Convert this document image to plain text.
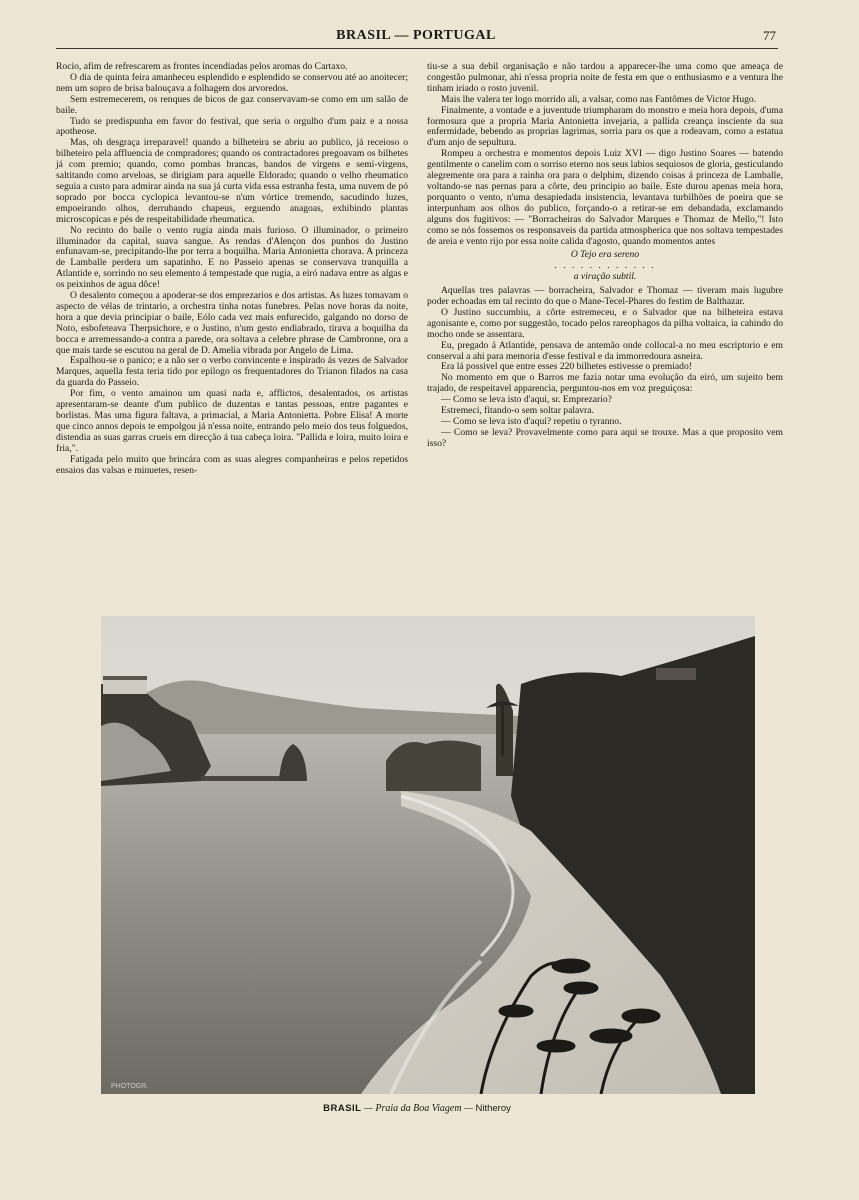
BRASIL — PORTUGAL	77

Rocio, afim de refrescarem as frontes incendiadas pelos aromas do Cartaxo.

O dia de quinta feira amanheceu esplendido e esplendido se conservou até ao anoitecer; nem um sopro de brisa balouçava a folhagem dos arvoredos.

Sem estremecerem, os renques de bicos de gaz conservavam-se como em um salão de baile.

Tudo se predispunha em favor do festival, que seria o orgulho d'um paiz e a nossa apotheose.

Mas, oh desgraça irreparavel! quando a bilheteira se abriu ao publico, já receioso o bilheteiro pela affluencia de compradores; quando os contractadores pregoavam os bilhetes já com premio; quando, como pombas brancas, bandos de virgens e semi-virgens, saltitando como arveloas, se dirigiam para aquelle Eldorado; quando o velho rheumatico seguia a custo para admirar ainda na sua já curta vida essa estranha festa, uma nuvem de pó soprado por bocca cyclopica levantou-se n'um vórtice tremendo, sacudindo luzes, empoeirando olhos, derrubando chapeus, erguendo anagoas, exhibindo plantas microscopicas e pés de respeitabilidade rheumatica.

No recinto do baile o vento rugia ainda mais furioso. O illuminador, o primeiro illuminador da capital, suava sangue. As rendas d'Alençon dos punhos do Justino enfunavam-se, precipitando-lhe por terra a boquilha. Maria Antonietta chorava. A princeza de Lamballe perdera um sapatinho. E no Passeio apenas se conservava tranquilla a Atlantide e, sorrindo no seu elemento á tempestade que rugia, a eiró nadava entre as algas e os peixinhos de agua dôce!

O desalento começou a apoderar-se dos emprezarios e dos artistas. As luzes tomavam o aspecto de vélas de trintario, a orchestra tinha notas funebres. Pelas nove horas da noite, hora a que devia principiar o baile, Eólo cada vez mais enfurecido, galgando no dorso de Noto, esbofeteava Therpsichore, e o Justino, n'um gesto endiabrado, tirava a boquilha da bocca e arremessando-a contra a parede, ora soltava a celebre phrase de Cambronne, ora a que mais tarde se escutou na geral de D. Amelia vibrada por Angelo de Lima.

Espalhou-se o panico; e a não ser o verbo convincente e inspirado ás vezes de Salvador Marques, aquella festa teria tido por epilogo os frequentadores do Trianon filados na casa da guarda do Passeio.

Por fim, o vento amainou um quasi nada e, afflictos, desalentados, os artistas apresentaram-se deante d'um publico de duzentas e tantas pessoas, entre pagantes e borlistas. Mas uma figura faltava, a primacial, a Maria Antonietta. Pobre Elisa! A morte que cinco annos depois te empolgou já n'essa noite, entrando pelo meio dos teus folguedos, distendia as suas garras crueis em direcção á tua cabeça loira. "Pallida e loira, muito loira e fria,".

Fatigada pelo muito que brincára com as suas alegres companheiras e pelos repetidos ensaios das valsas e minuetes, resen-

tiu-se a sua debil organisação e não tardou a apparecer-lhe uma como que ameaça de congestão pulmonar, ahi n'essa propria noite de festa em que o enthusiasmo e a ventura lhe tinham iriado o rosto juvenil.

Mais lhe valera ter logo morrido ali, a valsar, como nas Fantômes de Victor Hugo.

Finalmente, a vontade e a juventude triumpharam do monstro e meia hora depois, d'uma formosura que a propria Maria Antonietta invejaria, a pallida creança insciente da sua enfermidade, bebendo as proprias lagrimas, sorria para os que a rodeavam, como a estatua d'um anjo de sepultura.

Rompeu a orchestra e momentos depois Luiz XVI — digo Justino Soares — batendo gentilmente o canelim com o sorriso eterno nos seus labios sequiosos de gloria, gesticulando alegremente ora para a rainha ora para o delphim, dizendo coisas á princeza de Lamballe, voltando-se nas pernas para a côrte, deu principio ao baile. Este durou apenas meia hora, porquanto o vento, n'uma desapiedada insistencia, levantava turbilhões de poeira que se interpunham aos olhos do publico, forçando-o a retirar-se em debandada, exclamando alguns dos fugitivos: — "Borracheiras do Salvador Marques e Thomaz de Mello,"! Isto como se nós fossemos os responsaveis da partida atmospherica que nos soltava tempestades de areia e vento rijo por essa noite calida d'agosto, quando momentos antes

O Tejo era sereno
. . . . . . . . . . . .
a viração subtil.

Aquellas tres palavras — borracheira, Salvador e Thomaz — tiveram mais lugubre poder echoadas em tal recinto do que o Mane-Tecel-Phares do festim de Balthazar.

O Justino succumbiu, a côrte estremeceu, e o Salvador que na bilheteira estava agonisante e, como por suggestão, tocado pelos rareophagos da pilha voltaica, ia cahindo do mocho onde se assentara.

Eu, pregado á Atlantide, pensava de antemão onde collocal-a no meu escriptorio e em conserval a ahi para memoria d'esse festival e da immorredoura asneira.

Era lá possivel que entre esses 220 bilhetes estivesse o premiado!

No momento em que o Barros me fazia notar uma evolução da eiró, um sujeito bem trajado, de respeitavel apparencia, perguntou-nos em voz preguiçosa:

— Como se leva isto d'aqui, sr. Emprezario?

Estremeci, fitando-o sem soltar palavra.

— Como se leva isto d'aqui? repetiu o tyranno.

— Como se leva? Provavelmente como para aqui se trouxe. Mas a que proposito vem isso?

PHOTOGR.
BRASIL — Praia da Boa Viagem — Nitheroy
